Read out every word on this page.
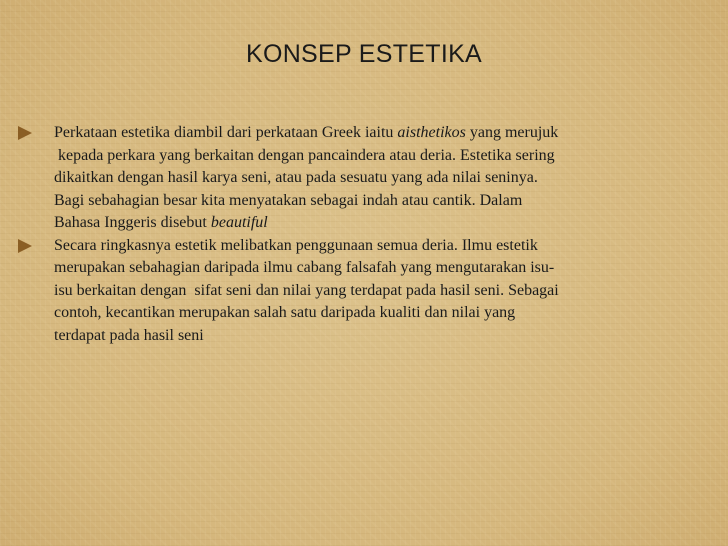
KONSEP ESTETIKA
Perkataan estetika diambil dari perkataan Greek iaitu aisthetikos yang merujuk
kepada perkara yang berkaitan dengan pancaindera atau deria. Estetika sering
dikaitkan dengan hasil karya seni, atau pada sesuatu yang ada nilai seninya.
Bagi sebahagian besar kita menyatakan sebagai indah atau cantik. Dalam
Bahasa Inggeris disebut beautiful
Secara ringkasnya estetik melibatkan penggunaan semua deria. Ilmu estetik
merupakan sebahagian daripada ilmu cabang falsafah yang mengutarakan isu-
isu berkaitan dengan  sifat seni dan nilai yang terdapat pada hasil seni. Sebagai
contoh, kecantikan merupakan salah satu daripada kualiti dan nilai yang
terdapat pada hasil seni
